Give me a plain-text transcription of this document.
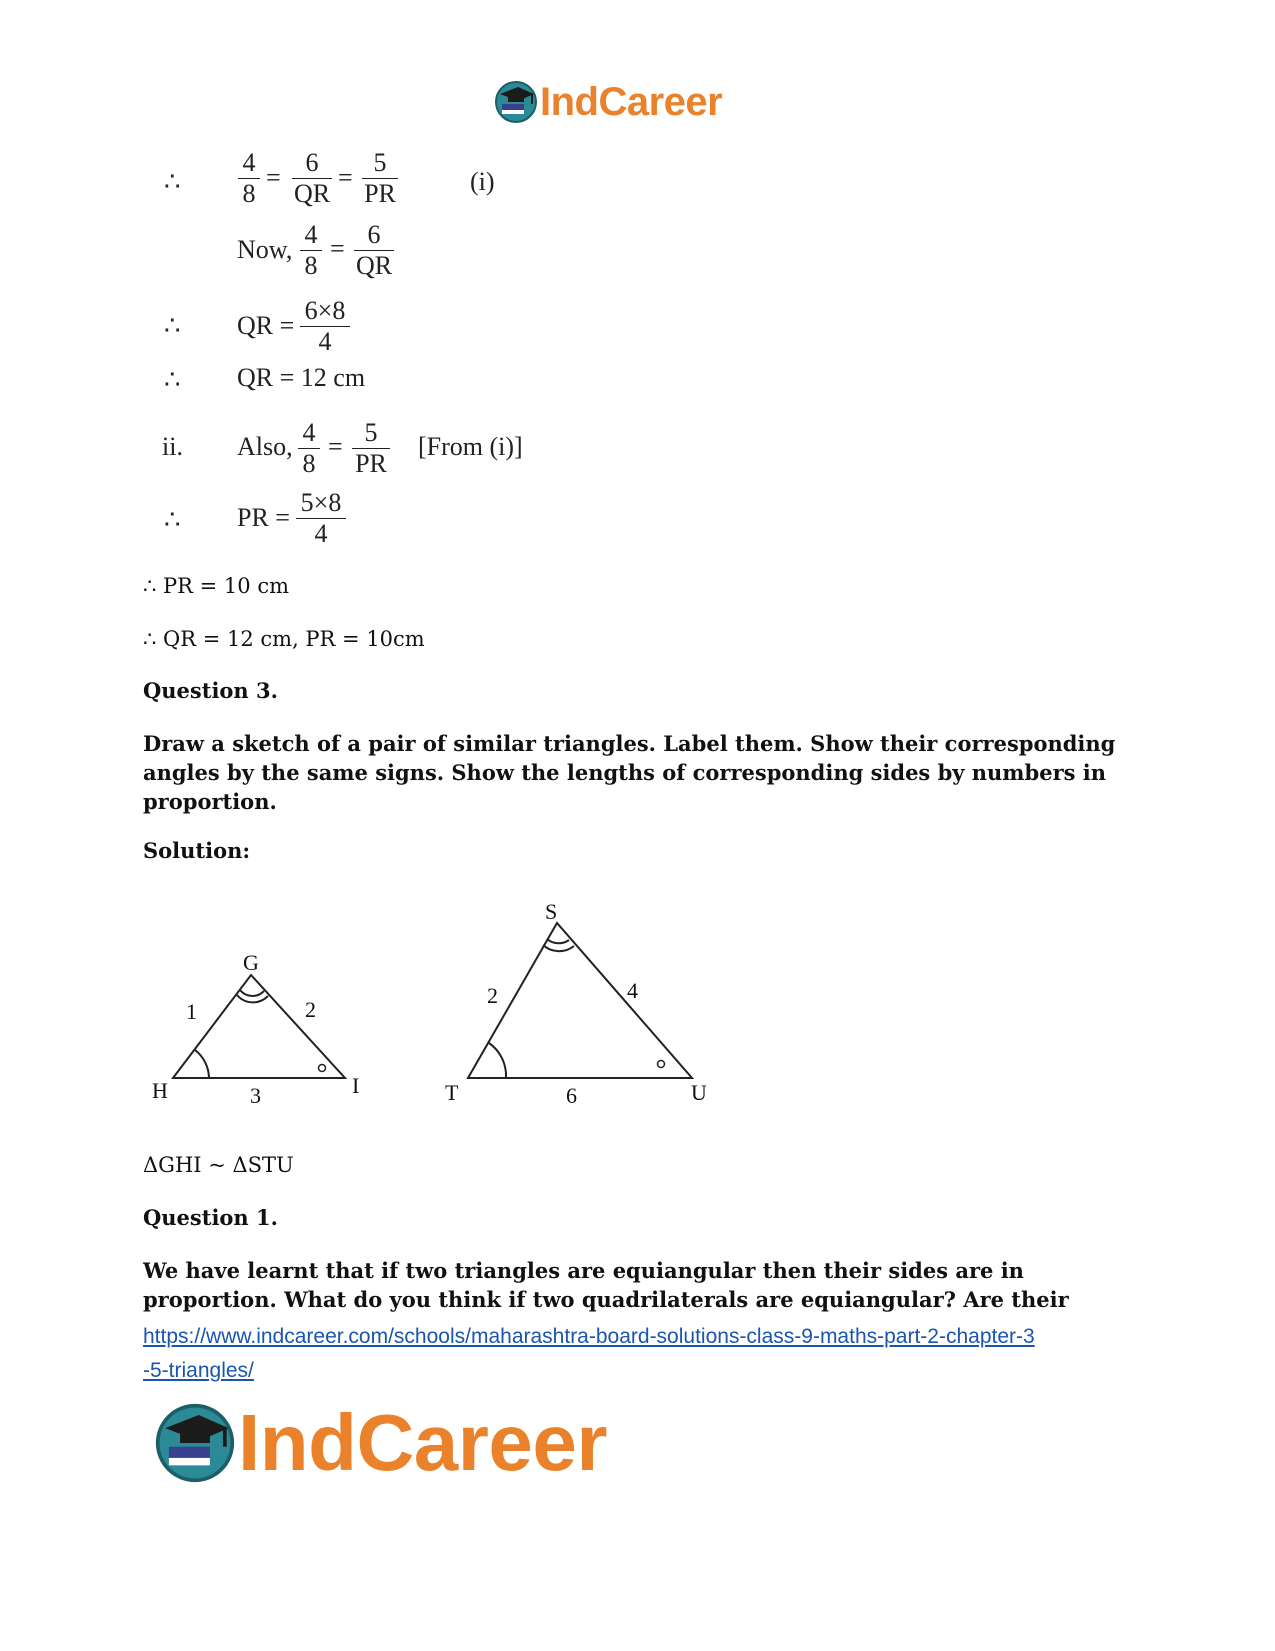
IndCareer
∴
4
8
=
6
QR
=
5
PR	(i)
Now,
4
8
= 6
QR
∴ QR =
6×8
4
∴ QR = 12 cm
ii. Also, 4
8
= 5
PR
[From (i)]
∴ PR =
5×8
4
∴ PR = 10 cm
∴ QR = 12 cm, PR = 10cm
Question 3.
Draw a sketch of a pair of similar triangles. Label them. Show their corresponding angles by the same signs. Show the lengths of corresponding sides by numbers in proportion.
Solution:
G
H	I
1	2
3
S
T	U
2	4
6
ΔGHI ~ ΔSTU
Question 1.
We have learnt that if two triangles are equiangular then their sides are in proportion. What do you think if two quadrilaterals are equiangular? Are their
https://www.indcareer.com/schools/maharashtra-board-solutions-class-9-maths-part-2-chapter-3
-5-triangles/
IndCareer
